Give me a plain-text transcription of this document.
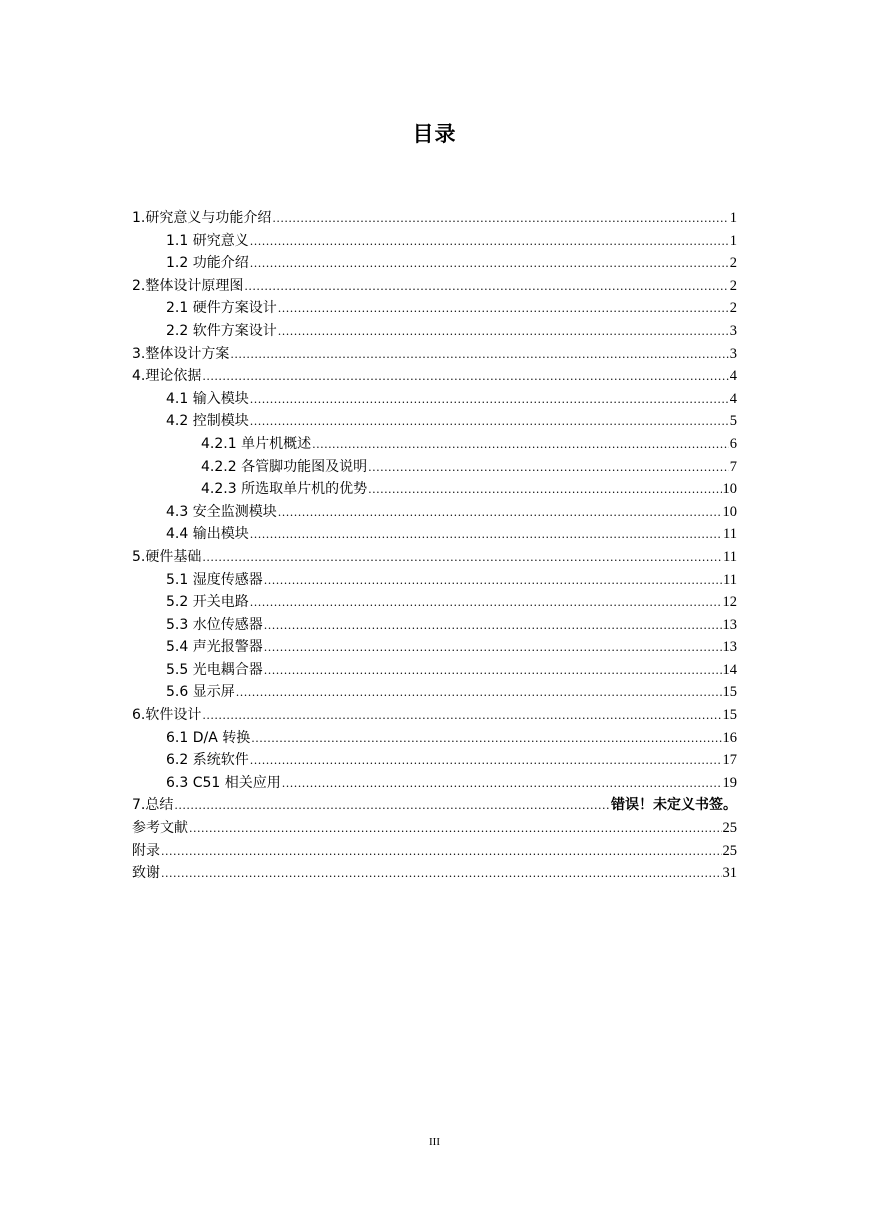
目录
1.研究意义与功能介绍 .....	1
1.1 研究意义 .....	1
1.2 功能介绍 .....	2
2.整体设计原理图 .....	2
2.1 硬件方案设计 .....	2
2.2 软件方案设计 .....	3
3.整体设计方案 .....	3
4.理论依据 .....	4
4.1 输入模块 .....	4
4.2 控制模块 .....	5
4.2.1 单片机概述 .....	6
4.2.2 各管脚功能图及说明 .....	7
4.2.3 所选取单片机的优势 .....	10
4.3 安全监测模块 .....	10
4.4 输出模块 .....	11
5.硬件基础 .....	11
5.1 湿度传感器 .....	11
5.2 开关电路 .....	12
5.3 水位传感器 .....	13
5.4 声光报警器 .....	13
5.5 光电耦合器 .....	14
5.6 显示屏 .....	15
6.软件设计 .....	15
6.1 D/A 转换 .....	16
6.2 系统软件 .....	17
6.3 C51 相关应用 .....	19
7.总结 .....	错误！未定义书签。
参考文献 .....	25
附录 .....	25
致谢 .....	31
III
